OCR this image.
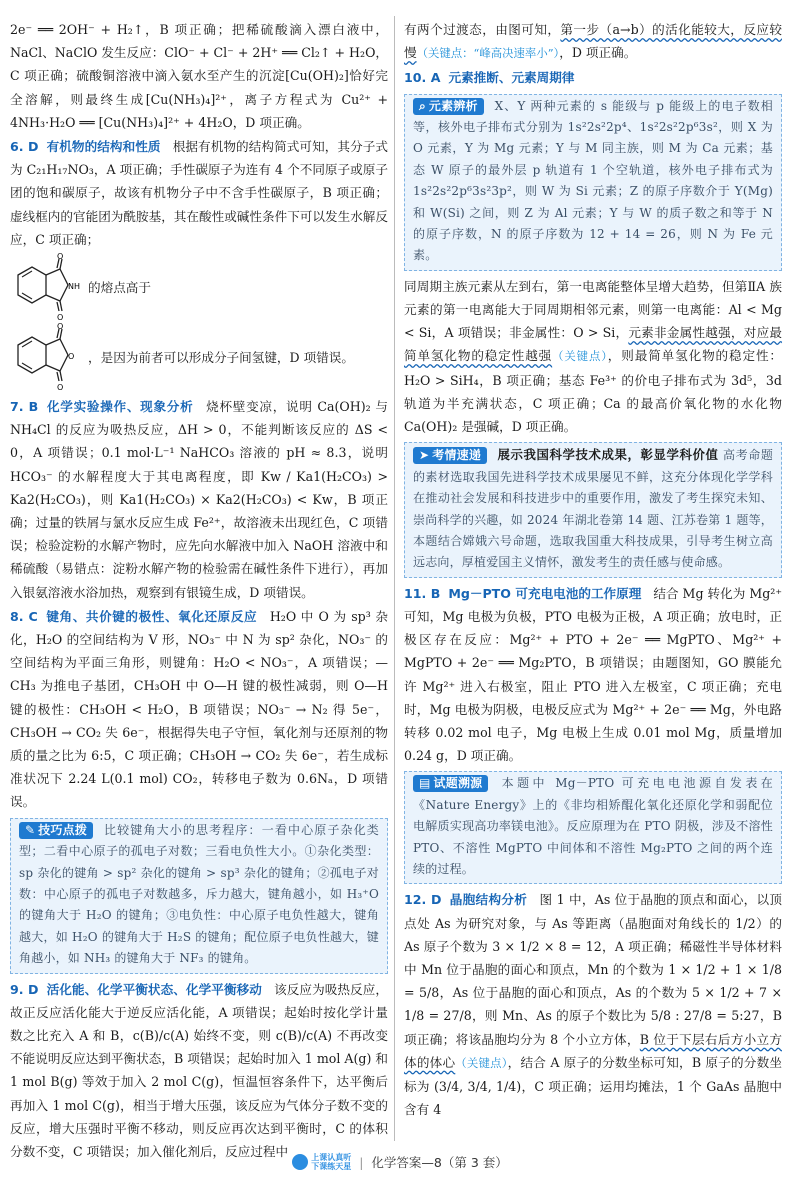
2e⁻ ══ 2OH⁻ + H₂↑，B 项正确；把稀硫酸滴入漂白液中，NaCl、NaClO 发生反应：ClO⁻ + Cl⁻ + 2H⁺ ══ Cl₂↑ + H₂O，C 项正确；硫酸铜溶液中滴入氨水至产生的沉淀[Cu(OH)₂]恰好完全溶解，则最终生成[Cu(NH₃)₄]²⁺，离子方程式为 Cu²⁺ + 4NH₃·H₂O ══ [Cu(NH₃)₄]²⁺ + 4H₂O，D 项正确。

6. D 有机物的结构和性质 根据有机物的结构简式可知，其分子式为 C₂₁H₁₇NO₃，A 项正确；手性碳原子为连有 4 个不同原子或原子团的饱和碳原子，故该有机物分子中不含手性碳原子，B 项正确；虚线框内的官能团为酰胺基，其在酸性或碱性条件下可以发生水解反应，C 项正确；

O
O
NH 的熔点高于
O
O
O ，是因为前者可以形成分子间氢键，D 项错误。

7. B 化学实验操作、现象分析 烧杯壁变凉，说明 Ca(OH)₂ 与 NH₄Cl 的反应为吸热反应，ΔH > 0，不能判断该反应的 ΔS < 0，A 项错误；0.1 mol·L⁻¹ NaHCO₃ 溶液的 pH ≈ 8.3，说明 HCO₃⁻ 的水解程度大于其电离程度，即 Kw / Ka1(H₂CO₃) > Ka2(H₂CO₃)，则 Ka1(H₂CO₃) × Ka2(H₂CO₃) < Kw，B 项正确；过量的铁屑与氯水反应生成 Fe²⁺，故溶液未出现红色，C 项错误；检验淀粉的水解产物时，应先向水解液中加入 NaOH 溶液中和稀硫酸（易错点：淀粉水解产物的检验需在碱性条件下进行），再加入银氨溶液水浴加热，观察到有银镜生成，D 项错误。

8. C 键角、共价键的极性、氧化还原反应 H₂O 中 O 为 sp³ 杂化，H₂O 的空间结构为 V 形，NO₃⁻ 中 N 为 sp² 杂化，NO₃⁻ 的空间结构为平面三角形，则键角：H₂O < NO₃⁻，A 项错误；—CH₃ 为推电子基团，CH₃OH 中 O—H 键的极性减弱，则 O—H 键的极性：CH₃OH < H₂O，B 项错误；NO₃⁻ → N₂ 得 5e⁻，CH₃OH → CO₂ 失 6e⁻，根据得失电子守恒，氧化剂与还原剂的物质的量之比为 6:5，C 项正确；CH₃OH → CO₂ 失 6e⁻，若生成标准状况下 2.24 L(0.1 mol) CO₂，转移电子数为 0.6Nₐ，D 项错误。

✎ 技巧点拨 比较键角大小的思考程序：一看中心原子杂化类型；二看中心原子的孤电子对数；三看电负性大小。①杂化类型：sp 杂化的键角 > sp² 杂化的键角 > sp³ 杂化的键角；②孤电子对数：中心原子的孤电子对数越多，斥力越大，键角越小，如 H₃⁺O 的键角大于 H₂O 的键角；③电负性：中心原子电负性越大，键角越大，如 H₂O 的键角大于 H₂S 的键角；配位原子电负性越大，键角越小，如 NH₃ 的键角大于 NF₃ 的键角。

9. D 活化能、化学平衡状态、化学平衡移动 该反应为吸热反应，故正反应活化能大于逆反应活化能，A 项错误；起始时按化学计量数之比充入 A 和 B，c(B)/c(A) 始终不变，则 c(B)/c(A) 不再改变不能说明反应达到平衡状态，B 项错误；起始时加入 1 mol A(g) 和 1 mol B(g) 等效于加入 2 mol C(g)，恒温恒容条件下，达平衡后再加入 1 mol C(g)，相当于增大压强，该反应为气体分子数不变的反应，增大压强时平衡不移动，则反应再次达到平衡时，C 的体积分数不变，C 项错误；加入催化剂后，反应过程中

有两个过渡态，由图可知，第一步（a→b）的活化能较大，反应较慢（关键点：“峰高决速率小”），D 项正确。

10. A 元素推断、元素周期律

⌕ 元素辨析 X、Y 两种元素的 s 能级与 p 能级上的电子数相等，核外电子排布式分别为 1s²2s²2p⁴、1s²2s²2p⁶3s²，则 X 为 O 元素，Y 为 Mg 元素；Y 与 M 同主族，则 M 为 Ca 元素；基态 W 原子的最外层 p 轨道有 1 个空轨道，核外电子排布式为 1s²2s²2p⁶3s²3p²，则 W 为 Si 元素；Z 的原子序数介于 Y(Mg) 和 W(Si) 之间，则 Z 为 Al 元素；Y 与 W 的质子数之和等于 N 的原子序数，N 的原子序数为 12 + 14 = 26，则 N 为 Fe 元素。

同周期主族元素从左到右，第一电离能整体呈增大趋势，但第ⅡA 族元素的第一电离能大于同周期相邻元素，则第一电离能：Al < Mg < Si，A 项错误；非金属性：O > Si，元素非金属性越强，对应最简单氢化物的稳定性越强（关键点），则最简单氢化物的稳定性：H₂O > SiH₄，B 项正确；基态 Fe³⁺ 的价电子排布式为 3d⁵，3d 轨道为半充满状态，C 项正确；Ca 的最高价氧化物的水化物 Ca(OH)₂ 是强碱，D 项正确。

➤ 考情速递 展示我国科学技术成果，彰显学科价值 高考命题的素材选取我国先进科学技术成果屡见不鲜，这充分体现化学学科在推动社会发展和科技进步中的重要作用，激发了考生探究未知、崇尚科学的兴趣，如 2024 年湖北卷第 14 题、江苏卷第 1 题等，本题结合嫦娥六号命题，选取我国重大科技成果，引导考生树立高远志向，厚植爱国主义情怀，激发考生的责任感与使命感。

11. B Mg－PTO 可充电电池的工作原理 结合 Mg 转化为 Mg²⁺ 可知，Mg 电极为负极，PTO 电极为正极，A 项正确；放电时，正极区存在反应：Mg²⁺ + PTO + 2e⁻ ══ MgPTO、Mg²⁺ + MgPTO + 2e⁻ ══ Mg₂PTO，B 项错误；由题图知，GO 膜能允许 Mg²⁺ 进入右极室，阻止 PTO 进入左极室，C 项正确；充电时，Mg 电极为阴极，电极反应式为 Mg²⁺ + 2e⁻ ══ Mg，外电路转移 0.02 mol 电子，Mg 电极上生成 0.01 mol Mg，质量增加 0.24 g，D 项正确。

▤ 试题溯源 本题中 Mg－PTO 可充电电池源自发表在《Nature Energy》上的《非均相矫醌化氧化还原化学和弱配位电解质实现高功率镁电池》。反应原理为在 PTO 阴极，涉及不溶性 PTO、不溶性 MgPTO 中间体和不溶性 Mg₂PTO 之间的两个连续的过程。

12. D 晶胞结构分析 图 1 中，As 位于晶胞的顶点和面心，以顶点处 As 为研究对象，与 As 等距离（晶胞面对角线长的 1/2）的 As 原子个数为 3 × 1/2 × 8 = 12，A 项正确；稀磁性半导体材料中 Mn 位于晶胞的面心和顶点，Mn 的个数为 1 × 1/2 + 1 × 1/8 = 5/8，As 位于晶胞的面心和顶点，As 的个数为 5 × 1/2 + 7 × 1/8 = 27/8，则 Mn、As 的原子个数比为 5/8 : 27/8 = 5:27，B 项正确；将该晶胞均分为 8 个小立方体，B 位于下层右后方小立方体的体心（关键点），结合 A 原子的分数坐标可知，B 原子的分数坐标为 (3/4, 3/4, 1/4)，C 项正确；运用均摊法，1 个 GaAs 晶胞中含有 4

上课认真听
下课练天星 | 化学答案—8（第 3 套）
